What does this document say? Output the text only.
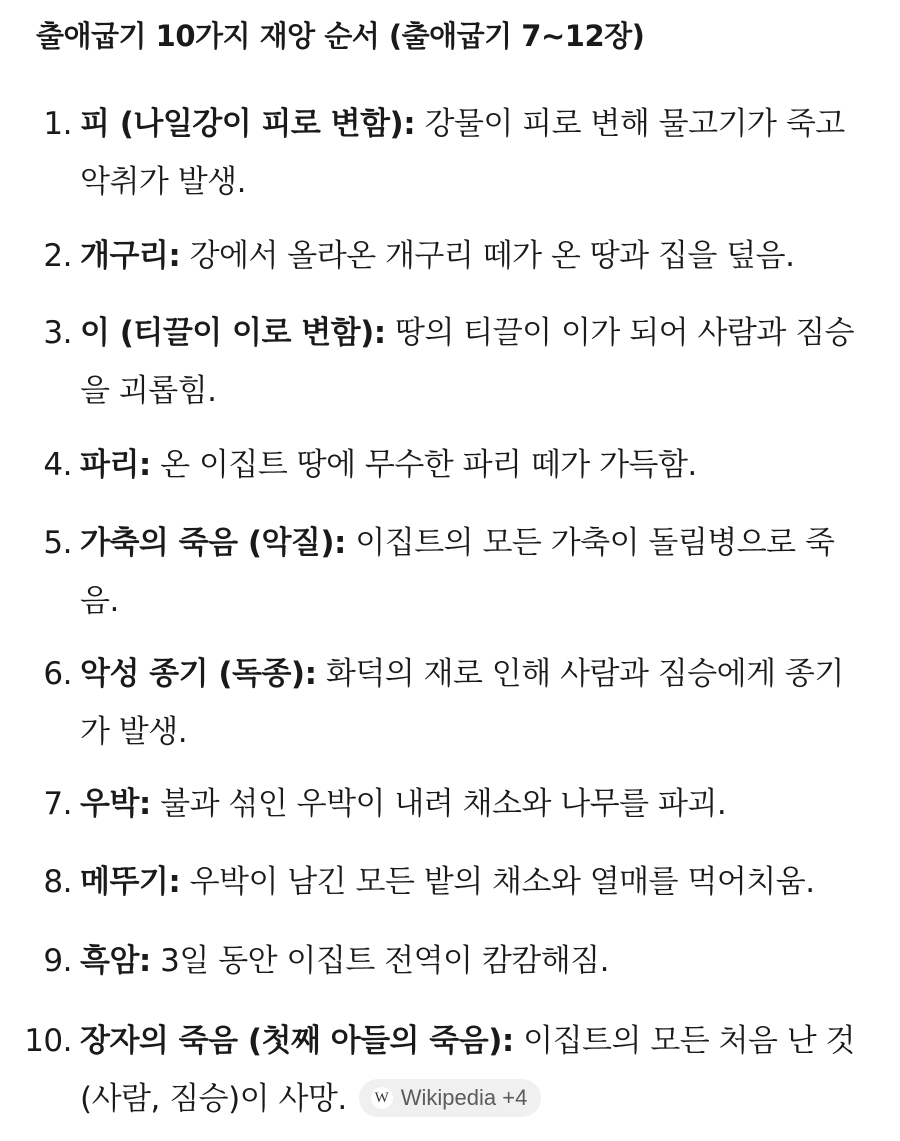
출애굽기 10가지 재앙 순서 (출애굽기 7~12장)
1. 피 (나일강이 피로 변함): 강물이 피로 변해 물고기가 죽고 악취가 발생.
2. 개구리: 강에서 올라온 개구리 떼가 온 땅과 집을 덮음.
3. 이 (티끌이 이로 변함): 땅의 티끌이 이가 되어 사람과 짐승을 괴롭힘.
4. 파리: 온 이집트 땅에 무수한 파리 떼가 가득함.
5. 가축의 죽음 (악질): 이집트의 모든 가축이 돌림병으로 죽음.
6. 악성 종기 (독종): 화덕의 재로 인해 사람과 짐승에게 종기가 발생.
7. 우박: 불과 섞인 우박이 내려 채소와 나무를 파괴.
8. 메뚜기: 우박이 남긴 모든 밭의 채소와 열매를 먹어치움.
9. 흑암: 3일 동안 이집트 전역이 캄캄해짐.
10. 장자의 죽음 (첫째 아들의 죽음): 이집트의 모든 처음 난 것(사람, 짐승)이 사망. W Wikipedia +4
